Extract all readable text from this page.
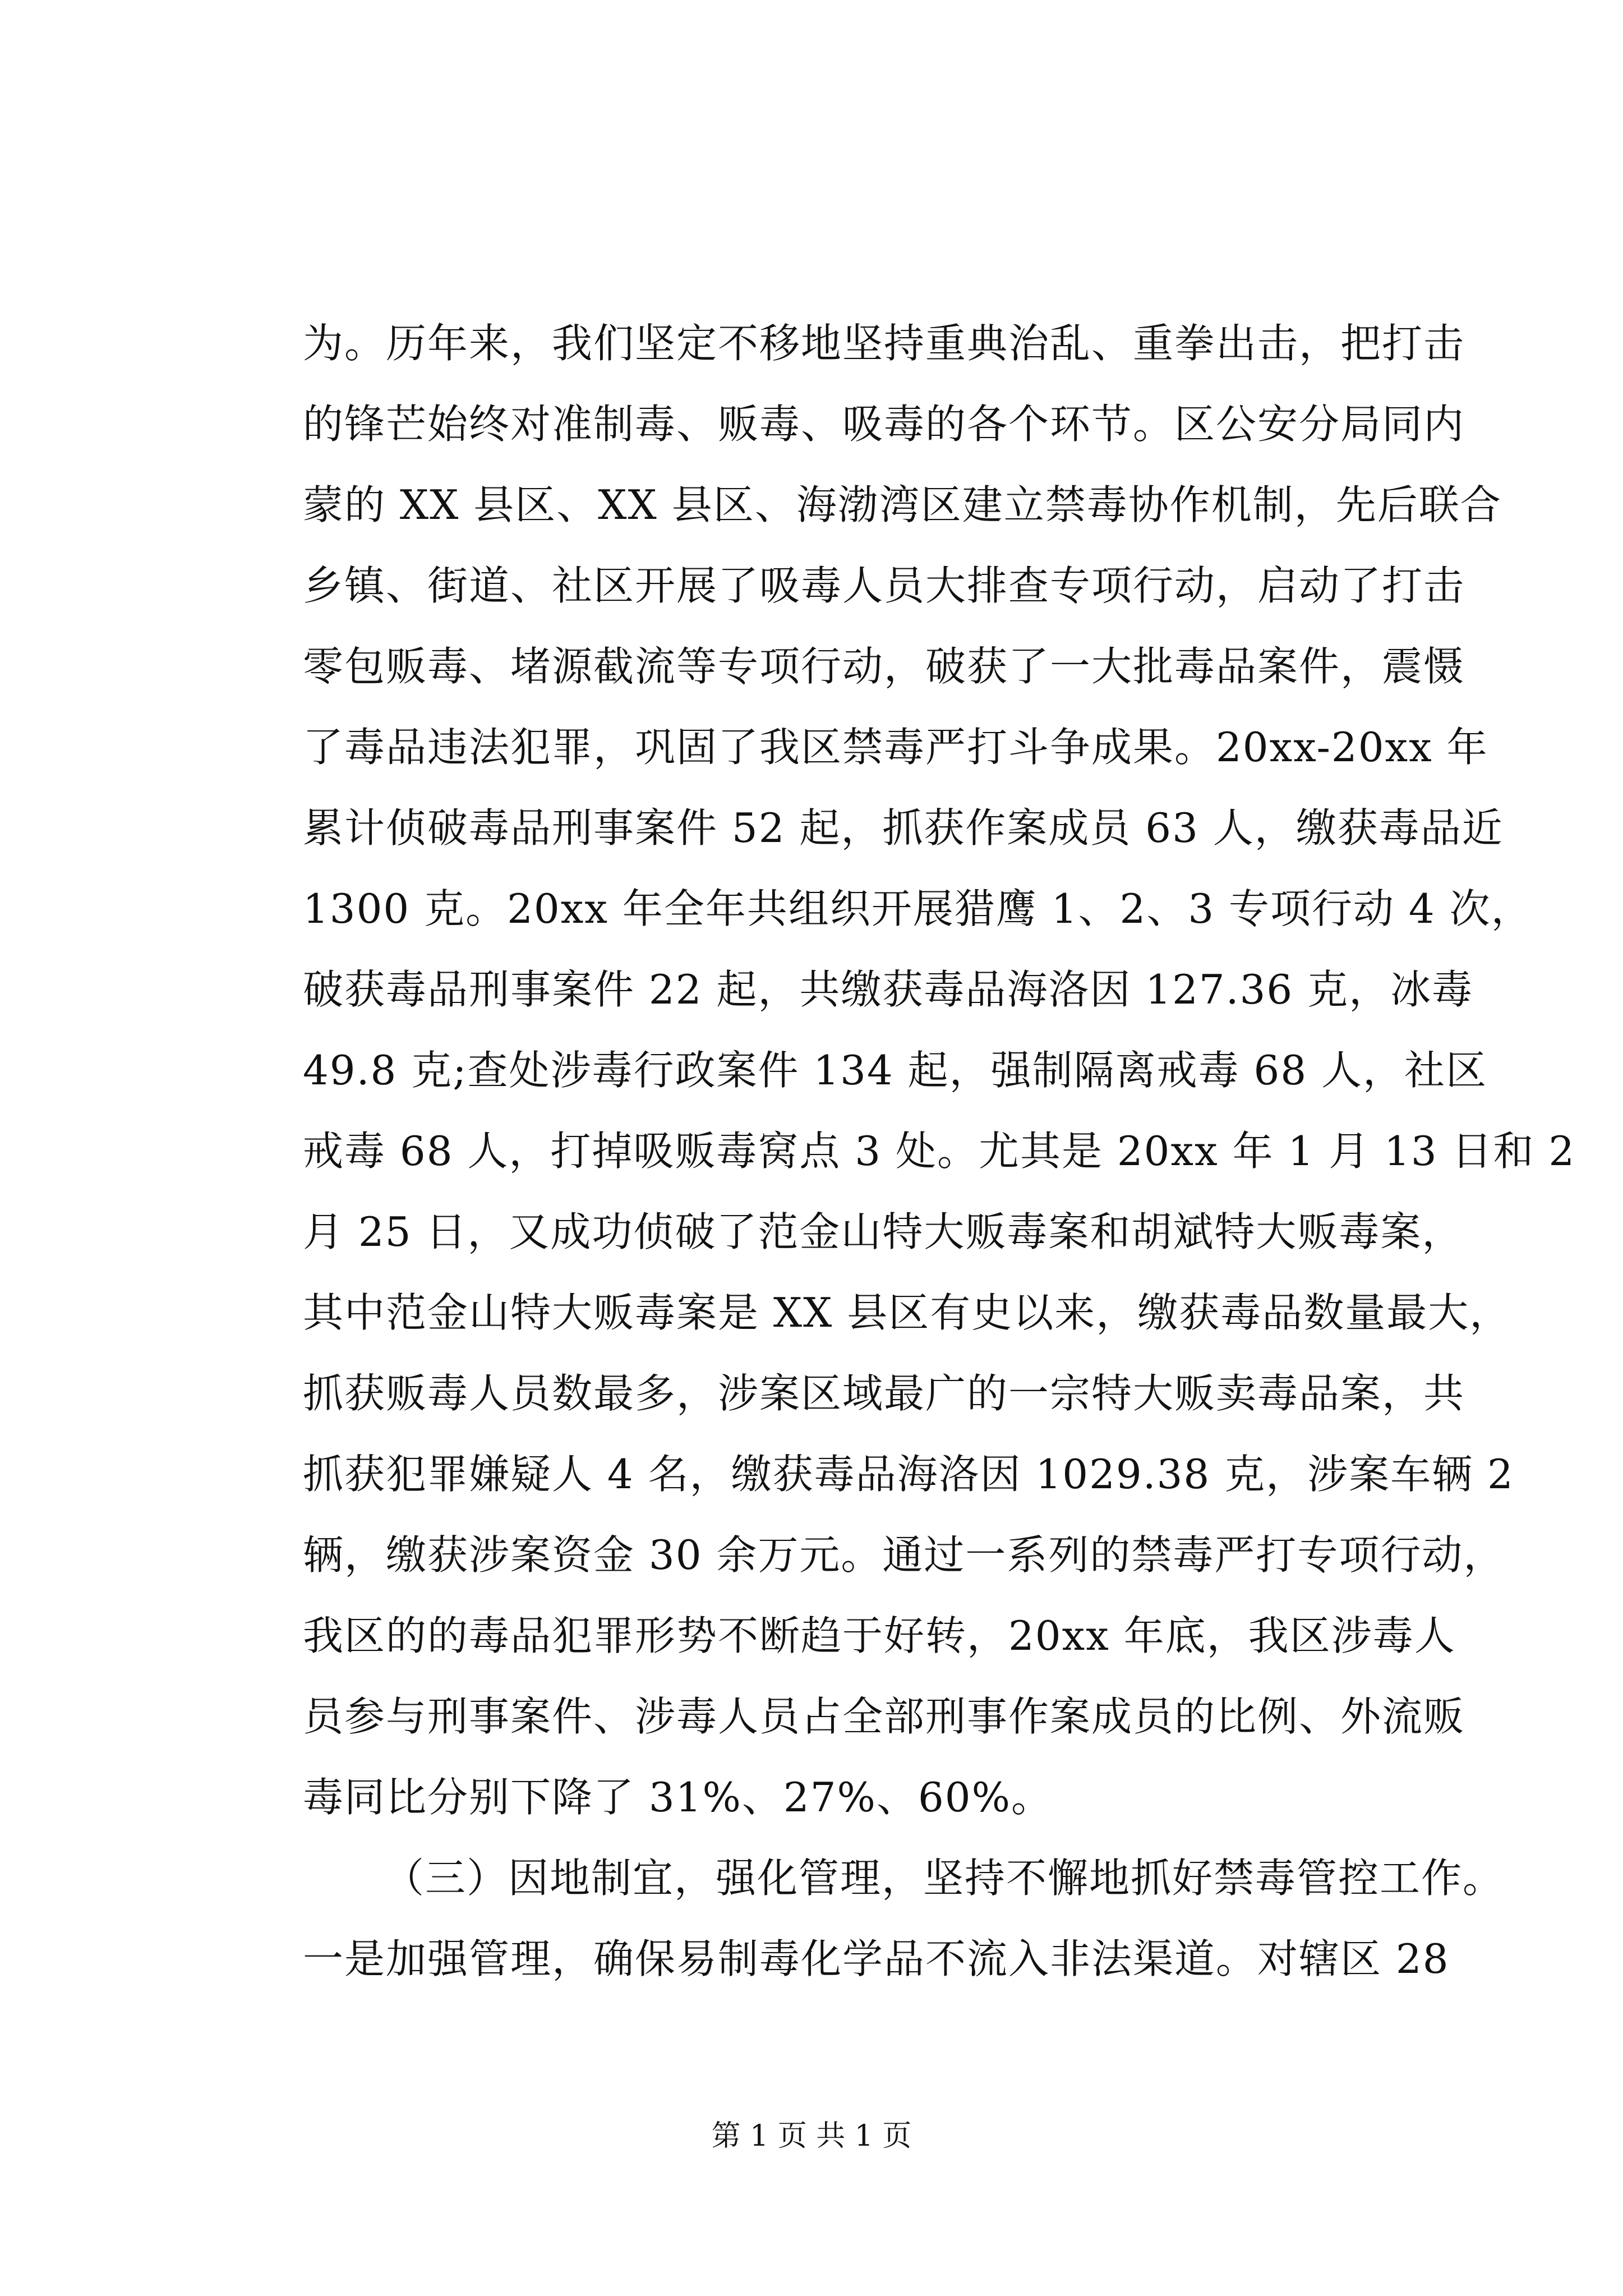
为。历年来，我们坚定不移地坚持重典治乱、重拳出击，把打击
的锋芒始终对准制毒、贩毒、吸毒的各个环节。区公安分局同内
蒙的 XX 县区、XX 县区、海渤湾区建立禁毒协作机制，先后联合
乡镇、街道、社区开展了吸毒人员大排查专项行动，启动了打击
零包贩毒、堵源截流等专项行动，破获了一大批毒品案件，震慑
了毒品违法犯罪，巩固了我区禁毒严打斗争成果。20xx-20xx 年
累计侦破毒品刑事案件 52 起，抓获作案成员 63 人，缴获毒品近
1300 克。20xx 年全年共组织开展猎鹰 1、2、3 专项行动 4 次，
破获毒品刑事案件 22 起，共缴获毒品海洛因 127.36 克，冰毒
49.8 克;查处涉毒行政案件 134 起，强制隔离戒毒 68 人，社区
戒毒 68 人，打掉吸贩毒窝点 3 处。尤其是 20xx 年 1 月 13 日和 2
月 25 日，又成功侦破了范金山特大贩毒案和胡斌特大贩毒案，
其中范金山特大贩毒案是 XX 县区有史以来，缴获毒品数量最大，
抓获贩毒人员数最多，涉案区域最广的一宗特大贩卖毒品案，共
抓获犯罪嫌疑人 4 名，缴获毒品海洛因 1029.38 克，涉案车辆 2
辆，缴获涉案资金 30 余万元。通过一系列的禁毒严打专项行动，
我区的的毒品犯罪形势不断趋于好转，20xx 年底，我区涉毒人
员参与刑事案件、涉毒人员占全部刑事作案成员的比例、外流贩
毒同比分别下降了 31%、27%、60%。
（三）因地制宜，强化管理，坚持不懈地抓好禁毒管控工作。
一是加强管理，确保易制毒化学品不流入非法渠道。对辖区 28
第 1 页 共 1 页
